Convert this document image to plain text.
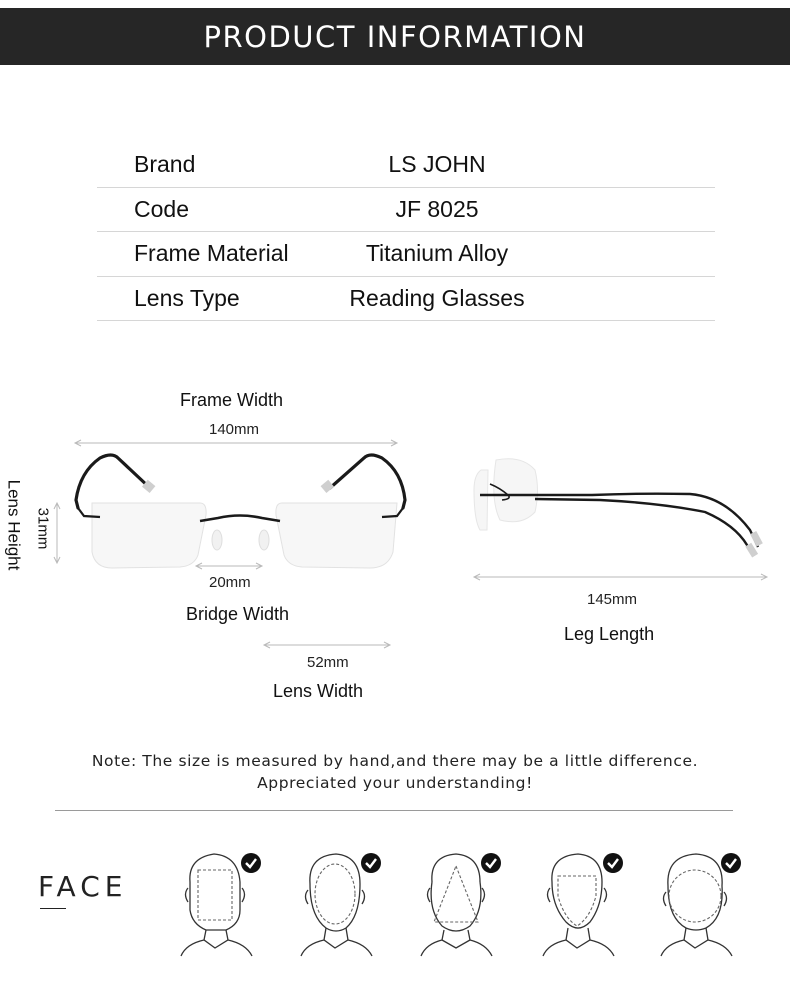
PRODUCT INFORMATION
Brand	LS JOHN
Code	JF 8025
Frame Material	Titanium Alloy
Lens Type	Reading Glasses
Frame Width
140mm
Lens Height 31mm
20mm
Bridge Width
52mm
Lens Width
145mm
Leg Length
Note: The size is measured by hand,and there may be a little difference.
Appreciated your understanding!
FACE
